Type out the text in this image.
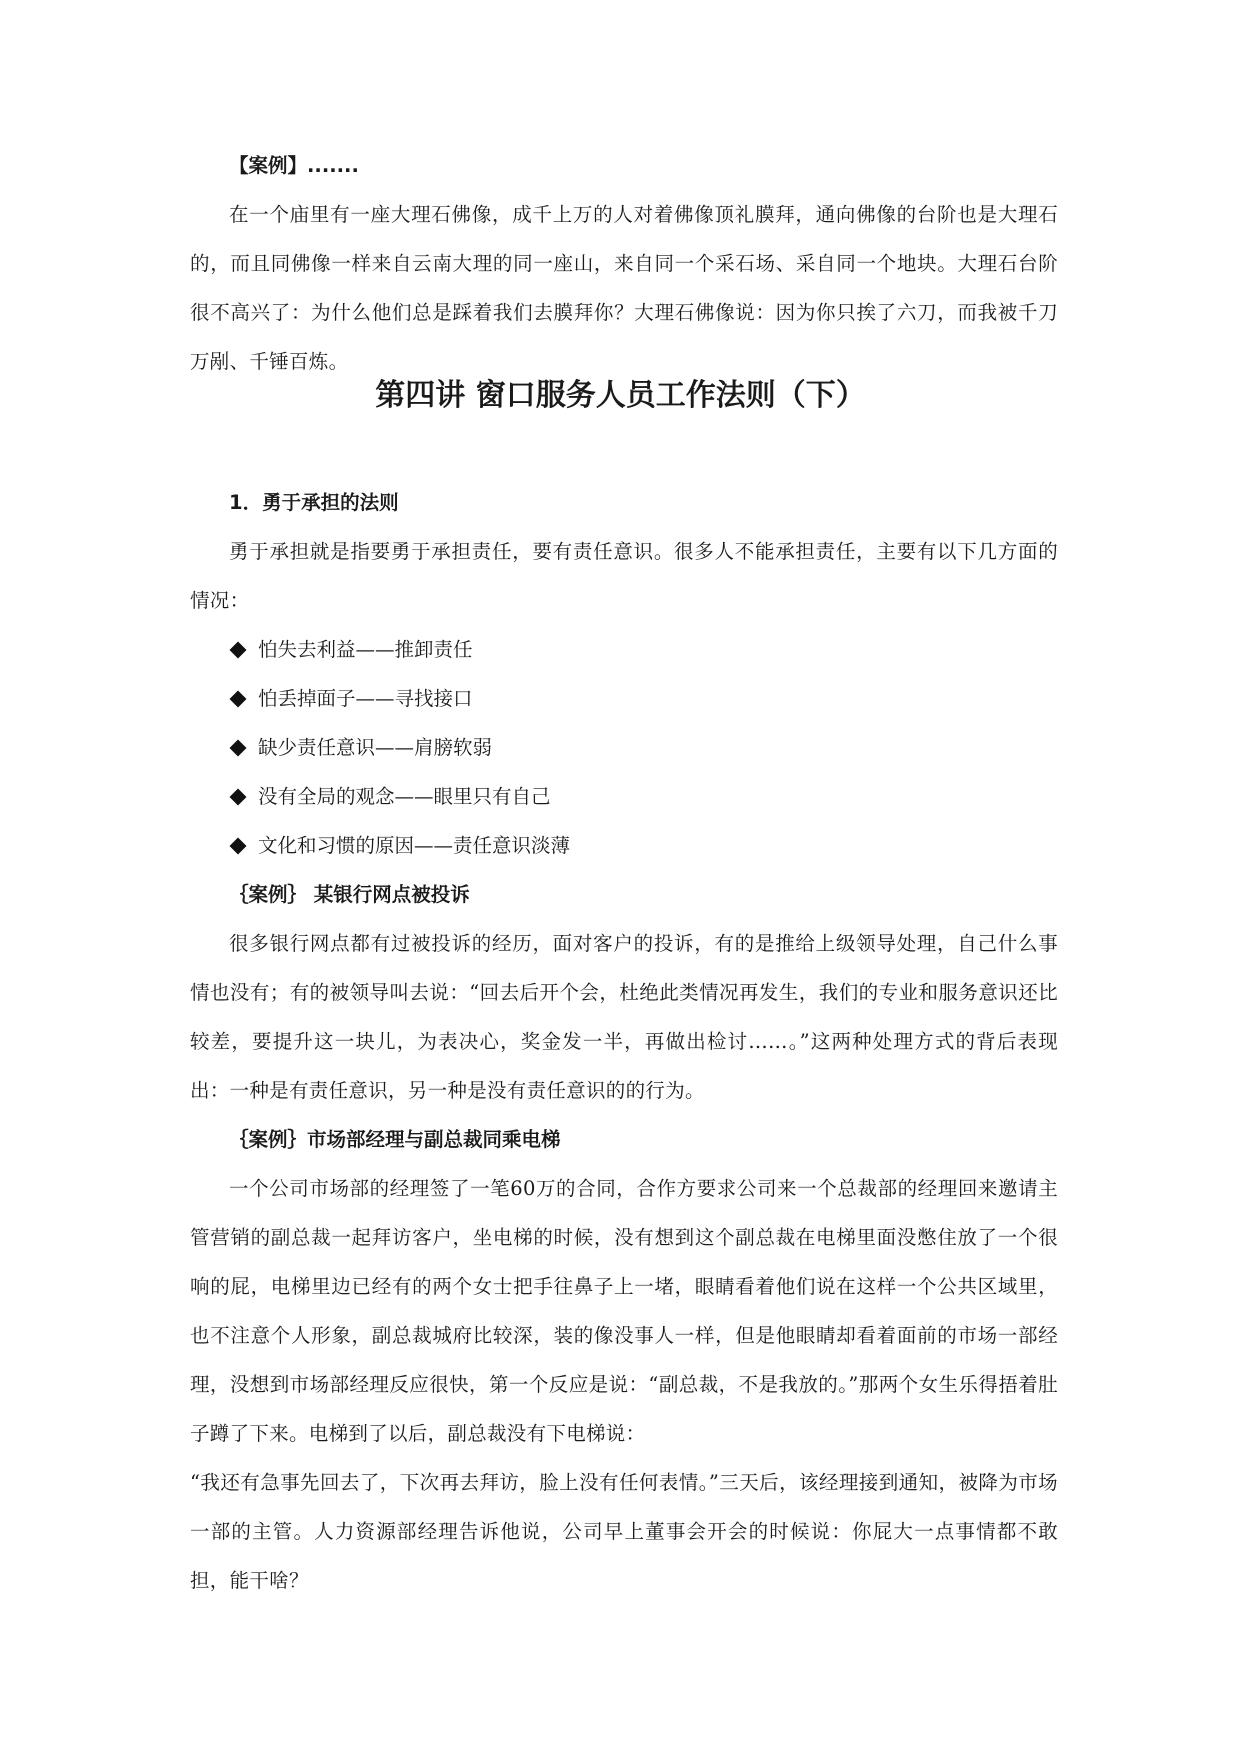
【案例】.......

在一个庙里有一座大理石佛像，成千上万的人对着佛像顶礼膜拜，通向佛像的台阶也是大理石的，而且同佛像一样来自云南大理的同一座山，来自同一个采石场、采自同一个地块。大理石台阶很不高兴了：为什么他们总是踩着我们去膜拜你？大理石佛像说：因为你只挨了六刀，而我被千刀万剐、千锤百炼。

第四讲 窗口服务人员工作法则（下）

1．勇于承担的法则

勇于承担就是指要勇于承担责任，要有责任意识。很多人不能承担责任，主要有以下几方面的情况：

怕失去利益——推卸责任
怕丢掉面子——寻找接口
缺少责任意识——肩膀软弱
没有全局的观念——眼里只有自己
文化和习惯的原因——责任意识淡薄

｛案例｝ 某银行网点被投诉

很多银行网点都有过被投诉的经历，面对客户的投诉，有的是推给上级领导处理，自己什么事情也没有；有的被领导叫去说：“回去后开个会，杜绝此类情况再发生，我们的专业和服务意识还比较差，要提升这一块儿，为表决心，奖金发一半，再做出检讨……。”这两种处理方式的背后表现出：一种是有责任意识，另一种是没有责任意识的的行为。

｛案例｝市场部经理与副总裁同乘电梯

一个公司市场部的经理签了一笔60万的合同，合作方要求公司来一个总裁部的经理回来邀请主管营销的副总裁一起拜访客户，坐电梯的时候，没有想到这个副总裁在电梯里面没憋住放了一个很响的屁，电梯里边已经有的两个女士把手往鼻子上一堵，眼睛看着他们说在这样一个公共区域里，也不注意个人形象，副总裁城府比较深，装的像没事人一样，但是他眼睛却看着面前的市场一部经理，没想到市场部经理反应很快，第一个反应是说：“副总裁，不是我放的。”那两个女生乐得捂着肚子蹲了下来。电梯到了以后，副总裁没有下电梯说：

“我还有急事先回去了，下次再去拜访，脸上没有任何表情。”三天后，该经理接到通知，被降为市场一部的主管。人力资源部经理告诉他说，公司早上董事会开会的时候说：你屁大一点事情都不敢担，能干啥？
